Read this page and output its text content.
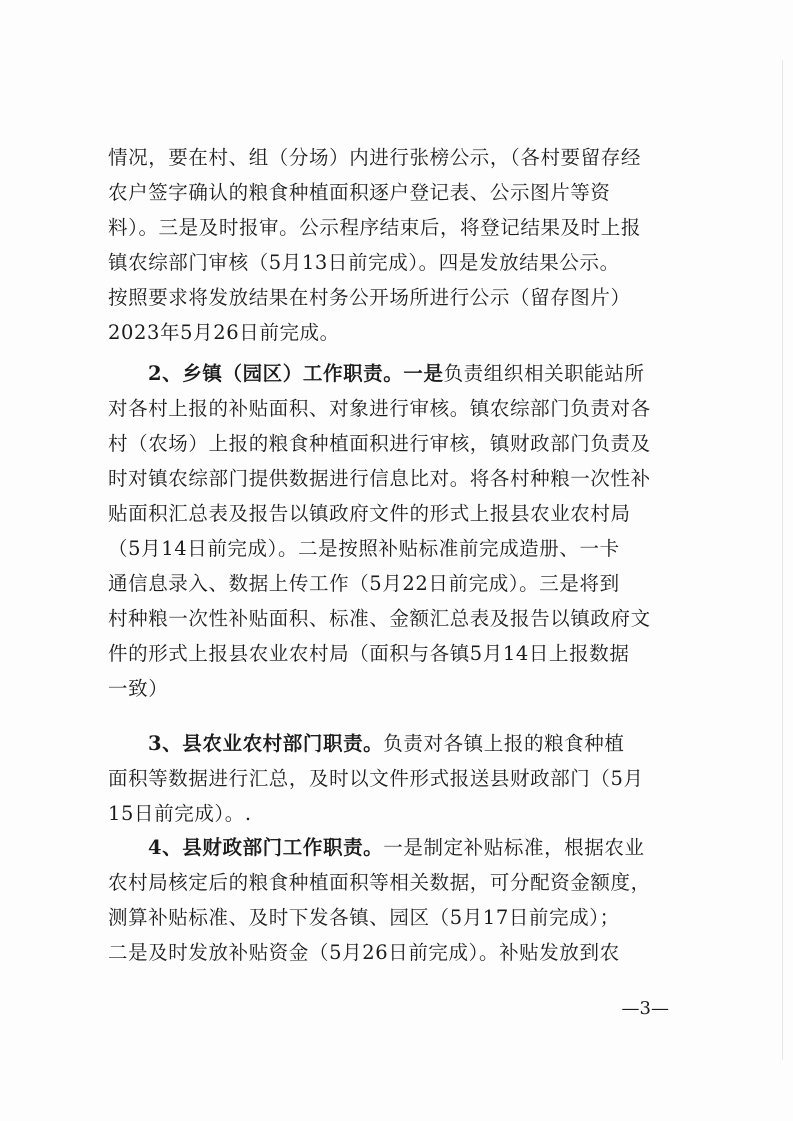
情况，要在村、组（分场）内进行张榜公示，（各村要留存经
农户签字确认的粮食种植面积逐户登记表、公示图片等资
料）。三是及时报审。公示程序结束后，将登记结果及时上报
镇农综部门审核（5月13日前完成）。四是发放结果公示。
按照要求将发放结果在村务公开场所进行公示（留存图片）
2023年5月26日前完成。
2、乡镇（园区）工作职责。一是负责组织相关职能站所
对各村上报的补贴面积、对象进行审核。镇农综部门负责对各
村（农场）上报的粮食种植面积进行审核，镇财政部门负责及
时对镇农综部门提供数据进行信息比对。将各村种粮一次性补
贴面积汇总表及报告以镇政府文件的形式上报县农业农村局
（5月14日前完成）。二是按照补贴标准前完成造册、一卡
通信息录入、数据上传工作（5月22日前完成）。三是将到
村种粮一次性补贴面积、标准、金额汇总表及报告以镇政府文
件的形式上报县农业农村局（面积与各镇5月14日上报数据
一致）
3、县农业农村部门职责。负责对各镇上报的粮食种植
面积等数据进行汇总，及时以文件形式报送县财政部门（5月
15日前完成）。.
4、县财政部门工作职责。一是制定补贴标准，根据农业
农村局核定后的粮食种植面积等相关数据，可分配资金额度，
测算补贴标准、及时下发各镇、园区（5月17日前完成）；
二是及时发放补贴资金（5月26日前完成）。补贴发放到农
—3—
